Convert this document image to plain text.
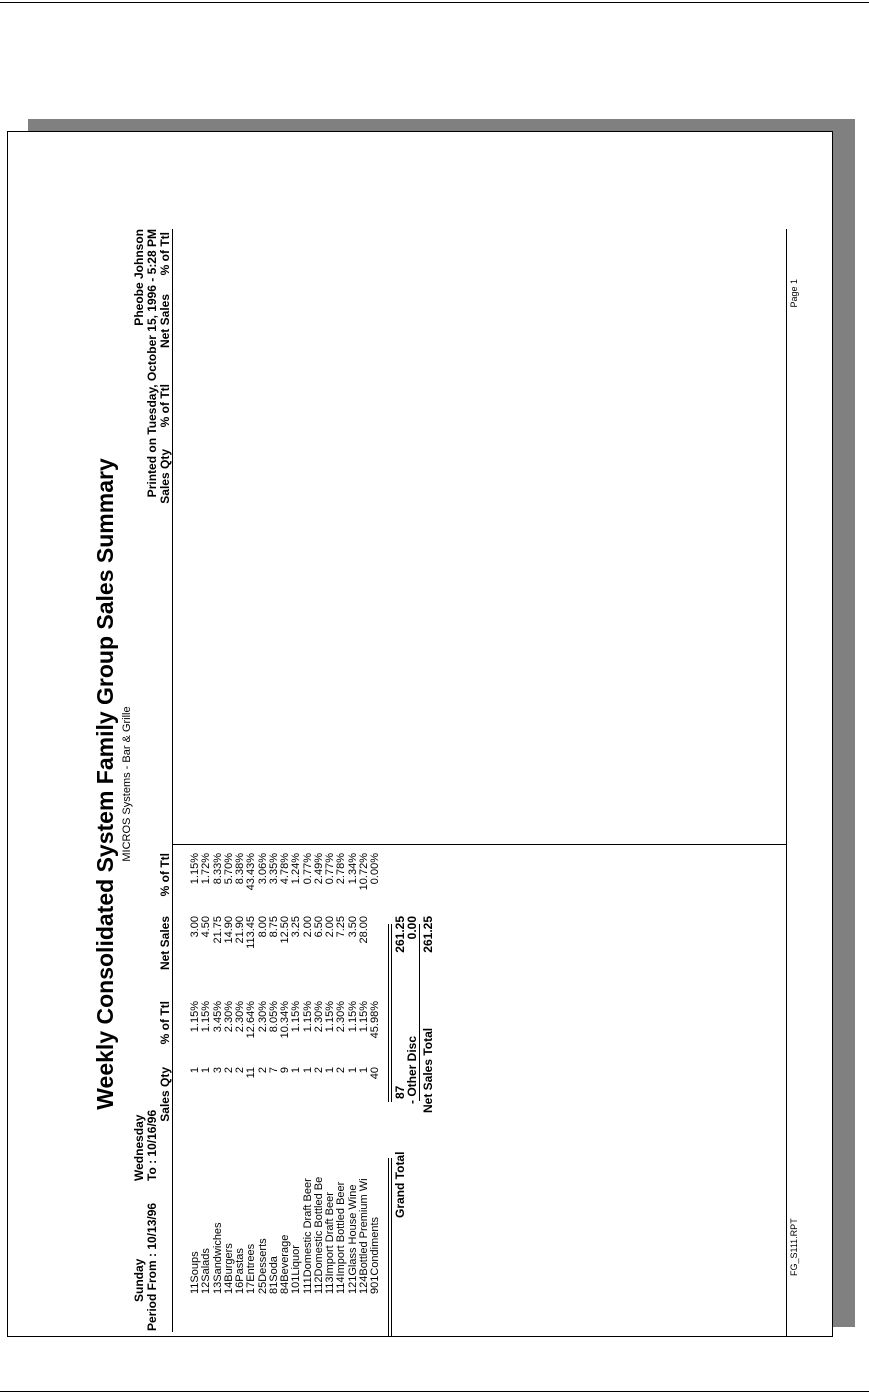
Weekly Consolidated System Family Group Sales Summary MICROS Systems - Bar & Grille
Sunday
Wednesday
Period From : 10/13/96
To : 10/16/96
Pheobe Johnson Printed on Tuesday, October 15, 1996 - 5:28 PM
Sales Qty
% of Ttl
Net Sales
% of Ttl
Sales Qty
% of Ttl
Net Sales
% of Ttl
11Soups
1
1.15%
3.00
1.15%
12Salads
1
1.15%
4.50
1.72%
13Sandwiches
3
3.45%
21.75
8.33%
14Burgers
2
2.30%
14.90
5.70%
16Pastas
2
2.30%
21.90
8.38%
17Entrees
11
12.64%
113.45
43.43%
25Desserts
2
2.30%
8.00
3.06%
81Soda
7
8.05%
8.75
3.35%
84Beverage
9
10.34%
12.50
4.78%
101Liquor
1
1.15%
3.25
1.24%
111Domestic Draft Beer
1
1.15%
2.00
0.77%
112Domestic Bottled Be
2
2.30%
6.50
2.49%
113Import Draft Beer
1
1.15%
2.00
0.77%
114Import Bottled Beer
2
2.30%
7.25
2.78%
121Glass House Wine
1
1.15%
3.50
1.34%
124Bottled Premium Wi
1
1.15%
28.00
10.72%
901Condiments
40
45.98%
0.00%
Grand Total
87
261.25
- Other Disc
0.00
Net Sales Total
261.25
FG_S111.RPT
Page 1
